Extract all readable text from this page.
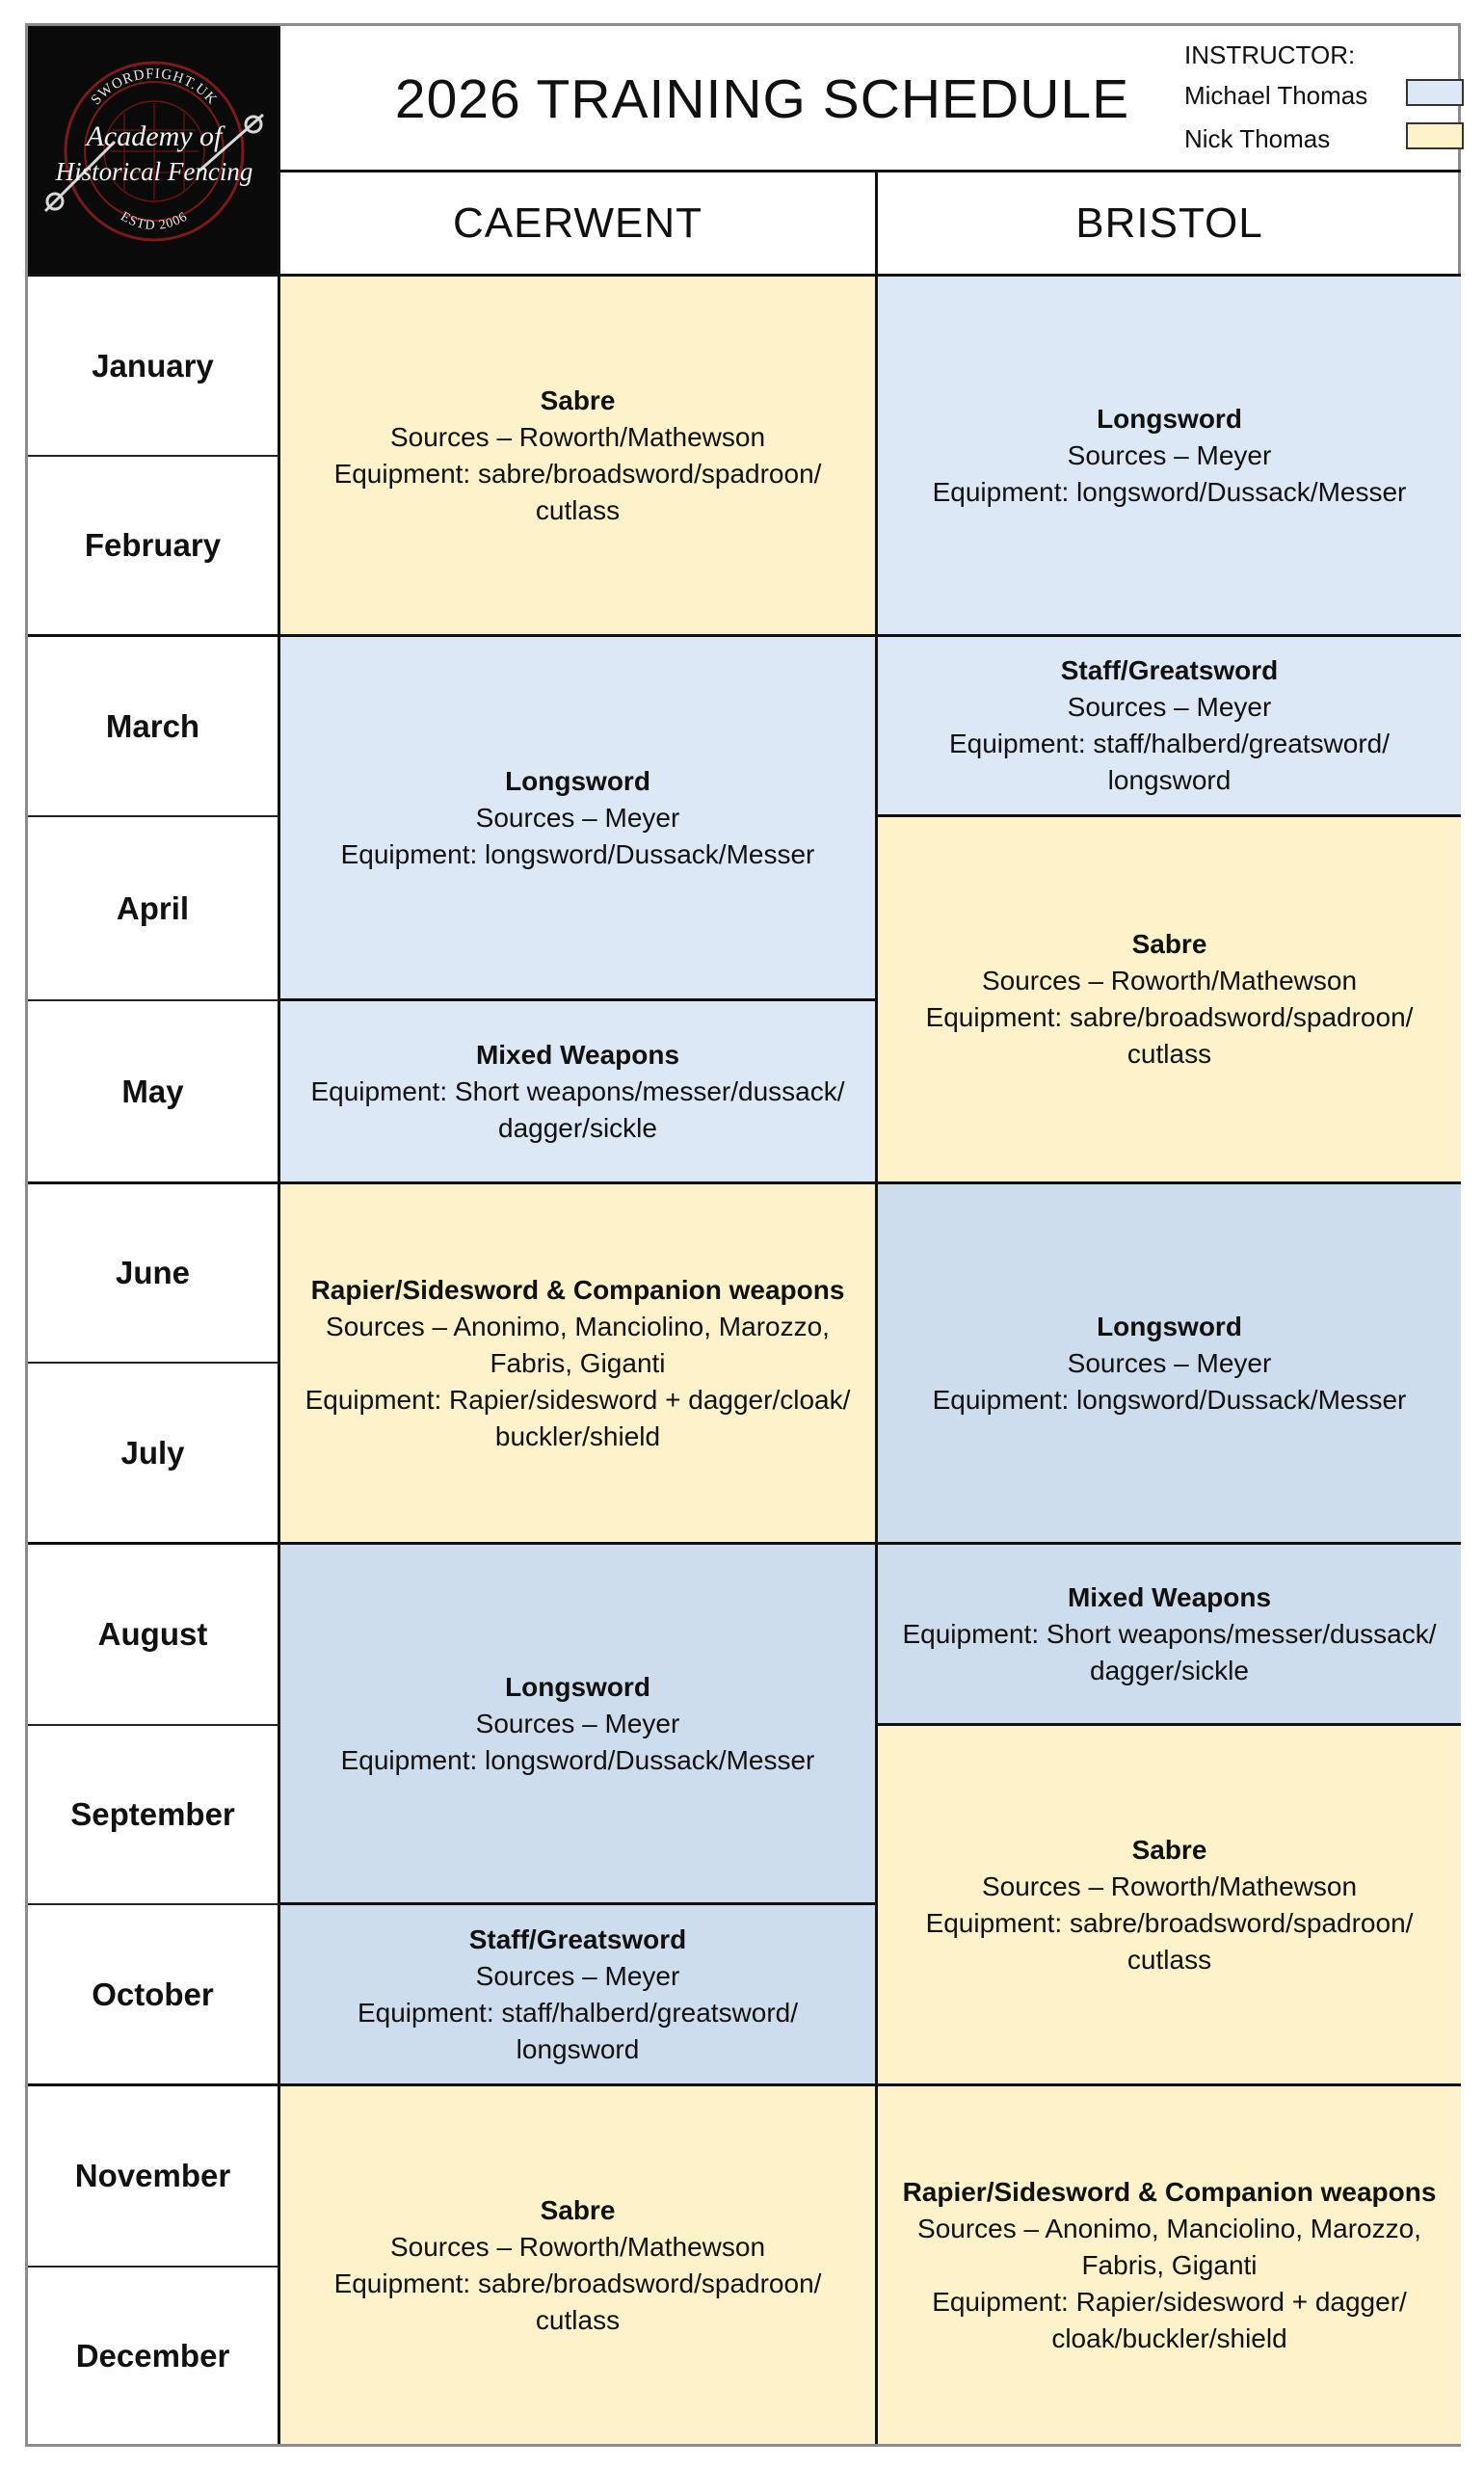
SWORDFIGHT.UK
Academy of
Historical Fencing
ESTD 2006
2026 TRAINING SCHEDULE
INSTRUCTOR:
Michael Thomas
Nick Thomas
CAERWENT	BRISTOL
January
February
March
April
May
June
July
August
September
October
November
December
Sabre
Sources – Roworth/Mathewson
Equipment: sabre/broadsword/spadroon/
cutlass
Longsword
Sources – Meyer
Equipment: longsword/Dussack/Messer
Mixed Weapons
Equipment: Short weapons/messer/dussack/
dagger/sickle
Rapier/Sidesword & Companion weapons
Sources – Anonimo, Manciolino, Marozzo,
Fabris, Giganti
Equipment: Rapier/sidesword + dagger/cloak/
buckler/shield
Longsword
Sources – Meyer
Equipment: longsword/Dussack/Messer
Staff/Greatsword
Sources – Meyer
Equipment: staff/halberd/greatsword/
longsword
Sabre
Sources – Roworth/Mathewson
Equipment: sabre/broadsword/spadroon/
cutlass
Longsword
Sources – Meyer
Equipment: longsword/Dussack/Messer
Staff/Greatsword
Sources – Meyer
Equipment: staff/halberd/greatsword/
longsword
Sabre
Sources – Roworth/Mathewson
Equipment: sabre/broadsword/spadroon/
cutlass
Longsword
Sources – Meyer
Equipment: longsword/Dussack/Messer
Mixed Weapons
Equipment: Short weapons/messer/dussack/
dagger/sickle
Sabre
Sources – Roworth/Mathewson
Equipment: sabre/broadsword/spadroon/
cutlass
Rapier/Sidesword & Companion weapons
Sources – Anonimo, Manciolino, Marozzo,
Fabris, Giganti
Equipment: Rapier/sidesword + dagger/
cloak/buckler/shield
